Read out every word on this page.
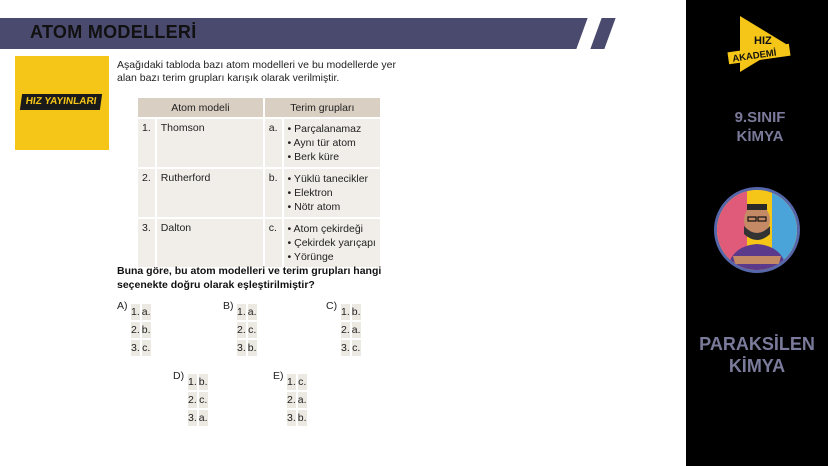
ATOM MODELLERİ
HIZ YAYINLARI
Aşağıdaki tabloda bazı atom modelleri ve bu modellerde yer alan bazı terim grupları karışık olarak verilmiştir.
Atom modeli		Terim grupları	
1.	Thomson	a.	• Parçalanamaz
• Aynı tür atom
• Berk küre

2.	Rutherford	b.	• Yüklü tanecikler
• Elektron
• Nötr atom

3.	Dalton	c.	• Atom çekirdeği
• Çekirdek yarıçapı
• Yörünge
Buna göre, bu atom modelleri ve terim grupları hangi seçenekte doğru olarak eşleştirilmiştir?
A) 1.	a.
2.	b.
3.	c.
B) 1.	a.
2.	c.
3.	b.
C) 1.	b.
2.	a.
3.	c.
D) 1.	b.
2.	c.
3.	a.
E) 1.	c.
2.	a.
3.	b.
HIZ
AKADEMİ
9.SINIF
KİMYA
PARAKSİLEN
KİMYA
